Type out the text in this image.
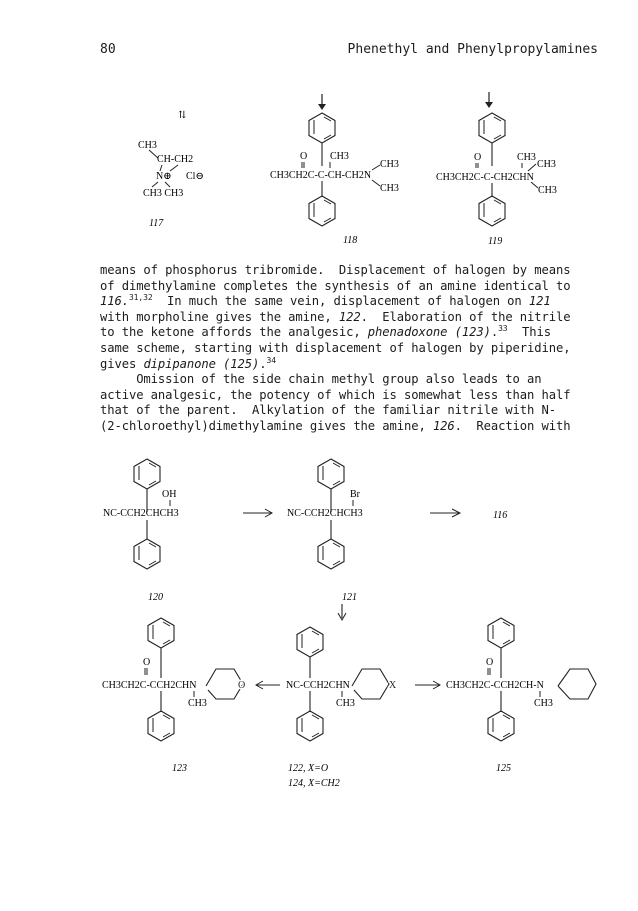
80	Phenethyl and Phenylpropylamines
⇅
CH3
CH-CH2
N⊕ Cl⊖
CH3 CH3
117
O CH3
CH3CH2C-C-CH-CH2N
CH3
CH3
118
O	CH3
CH3
CH3CH2C-C-CH2CHN
CH3
119
OH
NC-CCH2CHCH3
120
Br
NC-CCH2CHCH3
121
116
O
CH3CH2C-CCH2CHN
CH3
O
123
NC-CCH2CHN
CH3
X
122, X=O
124, X=CH2
O
CH3CH2C-CCH2CH-N
CH3
125
means of phosphorus tribromide.  Displacement of halogen by means
of dimethylamine completes the synthesis of an amine identical to
116.$^{31,32}$  In much the same vein, displacement of halogen on 121
with morpholine gives the amine, 122.  Elaboration of the nitrile
to the ketone affords the analgesic, phenadoxone (123).$^{33}$  This
same scheme, starting with displacement of halogen by piperidine,
gives dipipanone (125).$^{34}$
Omission of the side chain methyl group also leads to an
active analgesic, the potency of which is somewhat less than half
that of the parent.  Alkylation of the familiar nitrile with N-
(2-chloroethyl)dimethylamine gives the amine, 126.  Reaction with
